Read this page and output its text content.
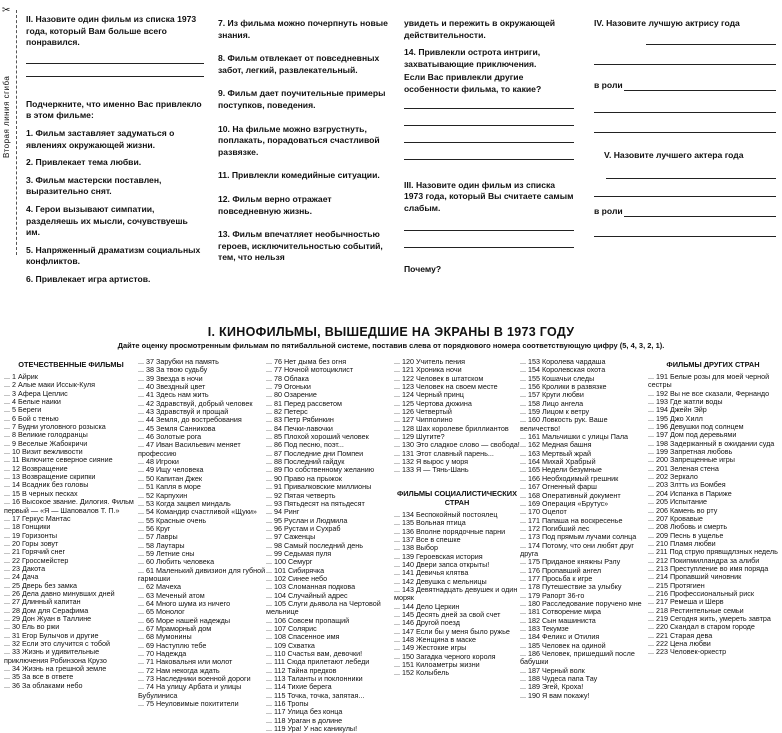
✂
Вторая линия сгиба

II. Назовите один фильм из списка 1973 года, который Вам больше всего понравился.

Подчеркните, что именно Вас привлекло в этом фильме:

1. Фильм заставляет задуматься о явлениях окружающей жизни.

2. Привлекает тема любви.

3. Фильм мастерски поставлен, выразительно снят.

4. Герои вызывают симпатии, разделяешь их мысли, сочувствуешь им.

5. Напряженный драматизм социальных конфликтов.

6. Привлекает игра артистов.

7. Из фильма можно почерпнуть новые знания.

8. Фильм отвлекает от повседневных забот, легкий, развлекательный.

9. Фильм дает поучительные примеры поступков, поведения.

10. На фильме можно взгрустнуть, поплакать, порадоваться счастливой развязке.

11. Привлекли комедийные ситуации.

12. Фильм верно отражает повседневную жизнь.

13. Фильм впечатляет необычностью героев, исключительностью событий, тем, что нельзя

увидеть и пережить в окружающей действительности.

14. Привлекли острота интриги, захватывающие приключения.

Если Вас привлекли другие особенности фильма, то какие?

III. Назовите один фильм из списка 1973 года, который Вы считаете самым слабым.

Почему?

IV. Назовите лучшую актрису года

в роли

V. Назовите лучшего актера года

в роли
I. КИНОФИЛЬМЫ, ВЫШЕДШИЕ НА ЭКРАНЫ В 1973 ГОДУ
Дайте оценку просмотренным фильмам по пятибалльной системе, поставив слева от порядкового номера соответствующую цифру (5, 4, 3, 2, 1).
ОТЕЧЕСТВЕННЫЕ ФИЛЬМЫ
... 1 Айрик
... 2 Алые маки Иссык-Куля
... 3 Афера Цеплис
... 4 Белые наики
... 5 Береги
... 6 Бой с тенью
... 7 Будни уголовного розыска
... 8 Великие голодранцы
... 9 Веселые Жабокричи
... 10 Визит вежливости
... 11 Включите северное сияние
... 12 Возвращение
... 13 Возвращение скрипки
... 14 Всадник без головы
... 15 В черных песках
... 16 Высокое звание. Дилогия. Фильм первый — «Я — Шаповалов Т. П.»
... 17 Геркус Мантас
... 18 Гонщики
... 19 Горизонты
... 20 Горы зовут
... 21 Горячий снег
... 22 Гроссмейстер
... 23 Дакота
... 24 Дача
... 25 Дверь без замка
... 26 Дела давно минувших дней
... 27 Длинный капитан
... 28 Дом для Серафима
... 29 Дон Жуан в Таллине
... 30 Ель во ржи
... 31 Егор Булычов и другие
... 32 Если это случится с тобой
... 33 Жизнь и удивительные приключения Робинзона Крузо
... 34 Жизнь на грешной земле
... 35 За все в ответе
... 36 За облаками небо
... 37 Зарубки на память
... 38 За твою судьбу
... 39 Звезда в ночи
... 40 Звездный цвет
... 41 Здесь нам жить
... 42 Здравствуй, добрый человек
... 43 Здравствуй и прощай
... 44 Земля, до востребования
... 45 Земля Санникова
... 46 Золотые рога
... 47 Иван Васильевич меняет профессию
... 48 Игроки
... 49 Ищу человека
... 50 Капитан Джек
... 51 Капля в море
... 52 Карпухин
... 53 Когда зацвел миндаль
... 54 Командир счастливой «Щуки»
... 55 Красные очень
... 56 Круг
... 57 Лавры
... 58 Лаутары
... 59 Летние сны
... 60 Любить человека
... 61 Маленький дивизион для губной гармошки
... 62 Мачеха
... 63 Меченый атом
... 64 Много шума из ничего
... 65 Монолог
... 66 Море нашей надежды
... 67 Мраморный дом
... 68 Мумонины
... 69 Наступлю тебе
... 70 Надежда
... 71 Наковальня или молот
... 72 Нам некогда ждать
... 73 Наследники военной дороги
... 74 На улицу Арбата и улицы Бубулиниса
... 75 Неуловимые похитители
... 76 Нет дыма без огня
... 77 Ночной мотоциклист
... 78 Облака
... 79 Огоньки
... 80 Озарение
... 81 Перед рассветом
... 82 Петерс
... 83 Петр Рябинкин
... 84 Печки-лавочки
... 85 Плохой хороший человек
... 86 Под песню, поэт...
... 87 Последние дни Помпеи
... 88 Последний гайдук
... 89 По собственному желанию
... 90 Право на прыжок
... 91 Привалковские миллионы
... 92 Пятая четверть
... 93 Пятьдесят на пятьдесят
... 94 Ринг
... 95 Руслан и Людмила
... 96 Рустам и Сухраб
... 97 Саженцы
... 98 Самый последний день
... 99 Седьмая пуля
... 100 Семург
... 101 Сибирячка
... 102 Синее небо
... 103 Сломанная подкова
... 104 Случайный адрес
... 105 Слуги дьявола на Чертовой мельнице
... 106 Совсем пропащий
... 107 Солярис
... 108 Спасенное имя
... 109 Схватка
... 110 Счастья вам, девочки!
... 111 Сюда прилетают лебеди
... 112 Тайна предков
... 113 Таланты и поклонники
... 114 Тихие берега
... 115 Точка, точка, запятая...
... 116 Тропы
... 117 Улица без конца
... 118 Ураган в долине
... 119 Ура! У нас каникулы!
... 120 Учитель пения
... 121 Хроника ночи
... 122 Человек в штатском
... 123 Человек на своем месте
... 124 Черный принц
... 125 Чертова дюжина
... 126 Четвертый
... 127 Чипполино
... 128 Шах королеве бриллиантов
... 129 Шутите?
... 130 Это сладкое слово — свобода!
... 131 Этот славный парень...
... 132 Я вырос у моря
... 133 Я — Тянь-Шань
ФИЛЬМЫ СОЦИАЛИСТИЧЕСКИХ СТРАН
... 134 Беспокойный постоялец
... 135 Вольная птица
... 136 Вполне порядочные парни
... 137 Все в спешке
... 138 Выбор
... 139 Героевская история
... 140 Двери запса открыты!
... 141 Девичья клятва
... 142 Девушка с мельницы
... 143 Девятнадцать девушек и один моряк
... 144 Дело Церкин
... 145 Десять дней за свой счет
... 146 Другой поезд
... 147 Если бы у меня было ружье
... 148 Женщина в маске
... 149 Жестокие игры
... 150 Загадка черного короля
... 151 Килоаметры жизни
... 152 Колыбель
... 153 Королева чардаша
... 154 Королевская охота
... 155 Кошачьи следы
... 156 Кролики в развязке
... 157 Круги любви
... 158 Лицо ангела
... 159 Лицом к ветру
... 160 Ловкость рук. Ваше величество!
... 161 Мальчишки с улицы Пала
... 162 Медная башня
... 163 Мертвый жрай
... 164 Михай Храбрый
... 165 Недели безумные
... 166 Необходимый грешник
... 167 Огненный фарш
... 168 Оперативный документ
... 169 Операция «Брутус»
... 170 Оцелот
... 171 Папаша на воскресенье
... 172 Погибший лес
... 173 Под прямым лучами солнца
... 174 Потому, что они любят друг друга
... 175 Приданое княжны Рэлу
... 176 Пропавший ангел
... 177 Просьба к игре
... 178 Путешествие за улыбку
... 179 Рапорт 36-го
... 180 Расследование поручено мне
... 181 Сотворение мира
... 182 Сын машиниста
... 183 Текумзе
... 184 Феликс и Отилия
... 185 Человек на одиной
... 186 Человек, пришедший после бабушки
... 187 Черный волк
... 188 Чудеса папа Тау
... 189 Эгей, Кроха!
... 190 Я вам покажу!
ФИЛЬМЫ ДРУГИХ СТРАН
... 191 Белые розы для моей черной сестры
... 192 Вы не все сказали, Фернандо
... 193 Где жатли воды
... 194 Джейн Эйр
... 195 Джо Хилл
... 196 Девушки под солнцем
... 197 Дом под деревьями
... 198 Задержанный в ожидании суда
... 199 Запретная любовь
... 200 Запрещенные игры
... 201 Зеленая стена
... 202 Зеркало
... 203 Злтть из Бомбея
... 204 Испанка в Париже
... 205 Испытание
... 206 Камень во рту
... 207 Кровавые
... 208 Любовь и смерть
... 209 Песнь в ущелье
... 210 Пламя любви
... 211 Под струю прявшдлзных недель
... 212 Покипмилландра за алиби
... 213 Преступление во имя поряда
... 214 Пропавший чиновник
... 215 Протягиен
... 216 Профессиональный риск
... 217 Ремеша и Шерв
... 218 Рестинтельные семьи
... 219 Сегодня жить, умереть завтра
... 220 Скандал в старом городе
... 221 Старая дева
... 222 Цена любви
... 223 Человек-оркестр
